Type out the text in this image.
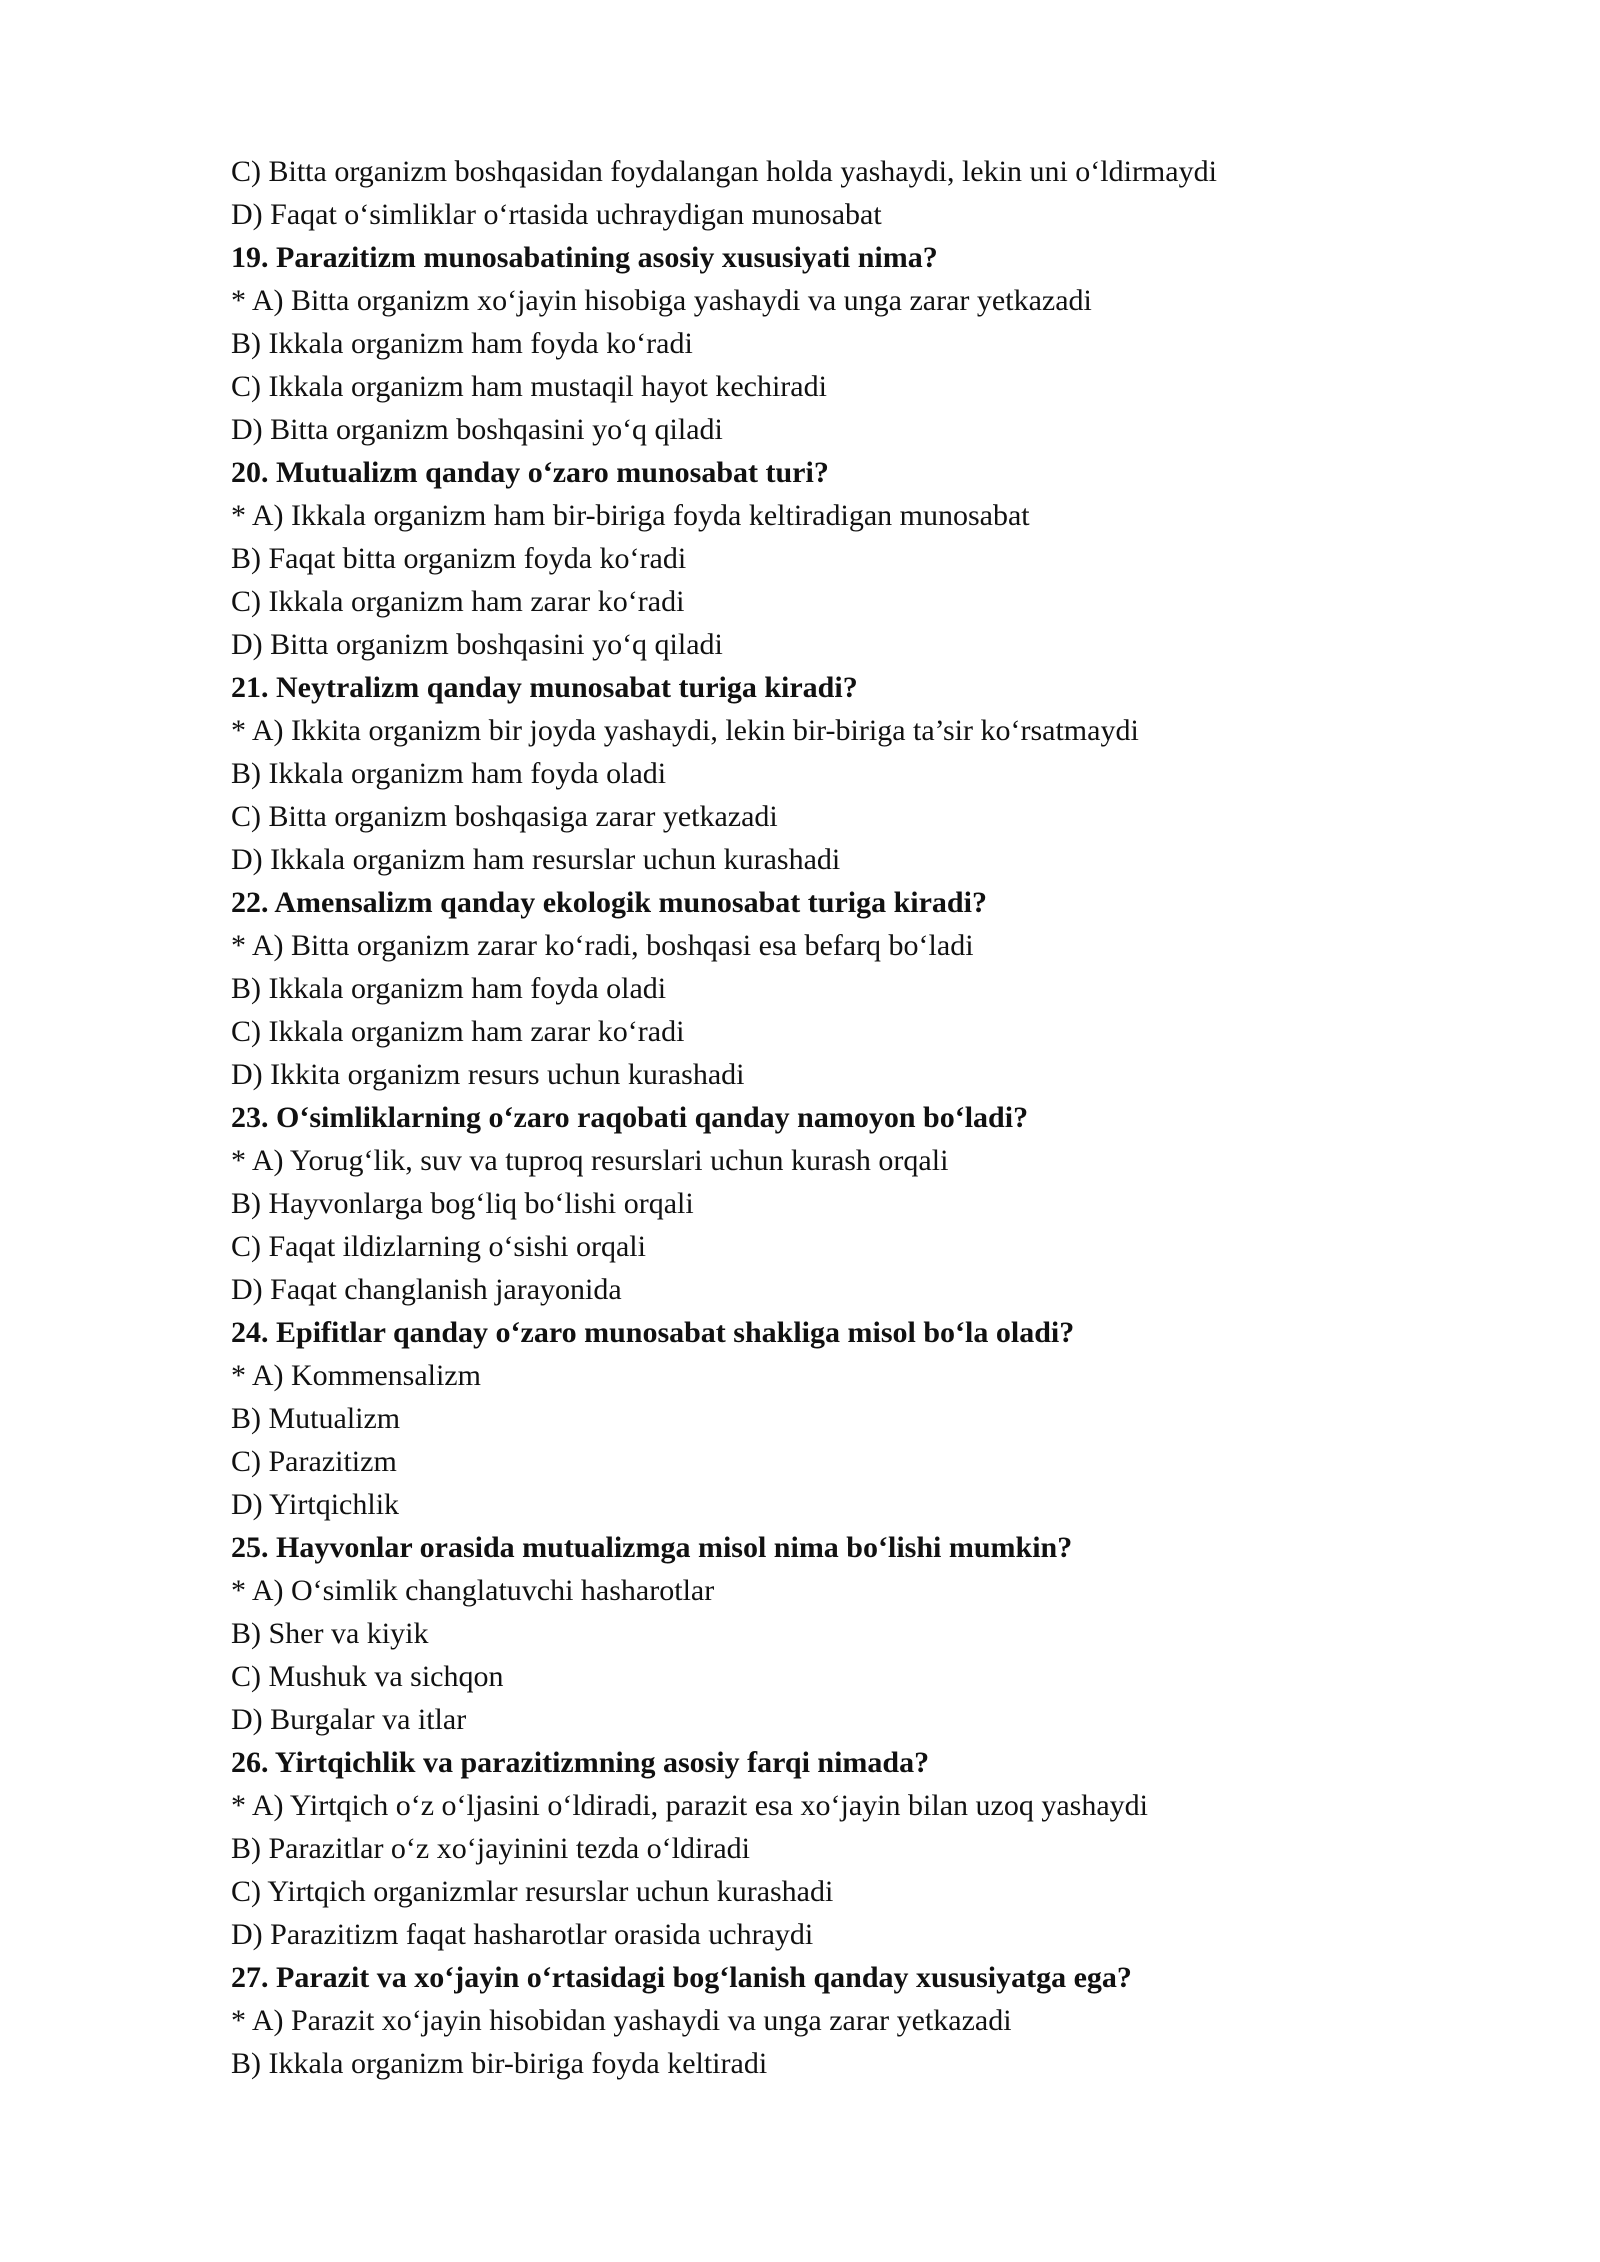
C) Bitta organizm boshqasidan foydalangan holda yashaydi, lekin uni o‘ldirmaydi
D) Faqat o‘simliklar o‘rtasida uchraydigan munosabat
19. Parazitizm munosabatining asosiy xususiyati nima?
* A) Bitta organizm xo‘jayin hisobiga yashaydi va unga zarar yetkazadi
B) Ikkala organizm ham foyda ko‘radi
C) Ikkala organizm ham mustaqil hayot kechiradi
D) Bitta organizm boshqasini yo‘q qiladi
20. Mutualizm qanday o‘zaro munosabat turi?
* A) Ikkala organizm ham bir-biriga foyda keltiradigan munosabat
B) Faqat bitta organizm foyda ko‘radi
C) Ikkala organizm ham zarar ko‘radi
D) Bitta organizm boshqasini yo‘q qiladi
21. Neytralizm qanday munosabat turiga kiradi?
* A) Ikkita organizm bir joyda yashaydi, lekin bir-biriga ta’sir ko‘rsatmaydi
B) Ikkala organizm ham foyda oladi
C) Bitta organizm boshqasiga zarar yetkazadi
D) Ikkala organizm ham resurslar uchun kurashadi
22. Amensalizm qanday ekologik munosabat turiga kiradi?
* A) Bitta organizm zarar ko‘radi, boshqasi esa befarq bo‘ladi
B) Ikkala organizm ham foyda oladi
C) Ikkala organizm ham zarar ko‘radi
D) Ikkita organizm resurs uchun kurashadi
23. O‘simliklarning o‘zaro raqobati qanday namoyon bo‘ladi?
* A) Yorug‘lik, suv va tuproq resurslari uchun kurash orqali
B) Hayvonlarga bog‘liq bo‘lishi orqali
C) Faqat ildizlarning o‘sishi orqali
D) Faqat changlanish jarayonida
24. Epifitlar qanday o‘zaro munosabat shakliga misol bo‘la oladi?
* A) Kommensalizm
B) Mutualizm
C) Parazitizm
D) Yirtqichlik
25. Hayvonlar orasida mutualizmga misol nima bo‘lishi mumkin?
* A) O‘simlik changlatuvchi hasharotlar
B) Sher va kiyik
C) Mushuk va sichqon
D) Burgalar va itlar
26. Yirtqichlik va parazitizmning asosiy farqi nimada?
* A) Yirtqich o‘z o‘ljasini o‘ldiradi, parazit esa xo‘jayin bilan uzoq yashaydi
B) Parazitlar o‘z xo‘jayinini tezda o‘ldiradi
C) Yirtqich organizmlar resurslar uchun kurashadi
D) Parazitizm faqat hasharotlar orasida uchraydi
27. Parazit va xo‘jayin o‘rtasidagi bog‘lanish qanday xususiyatga ega?
* A) Parazit xo‘jayin hisobidan yashaydi va unga zarar yetkazadi
B) Ikkala organizm bir-biriga foyda keltiradi
